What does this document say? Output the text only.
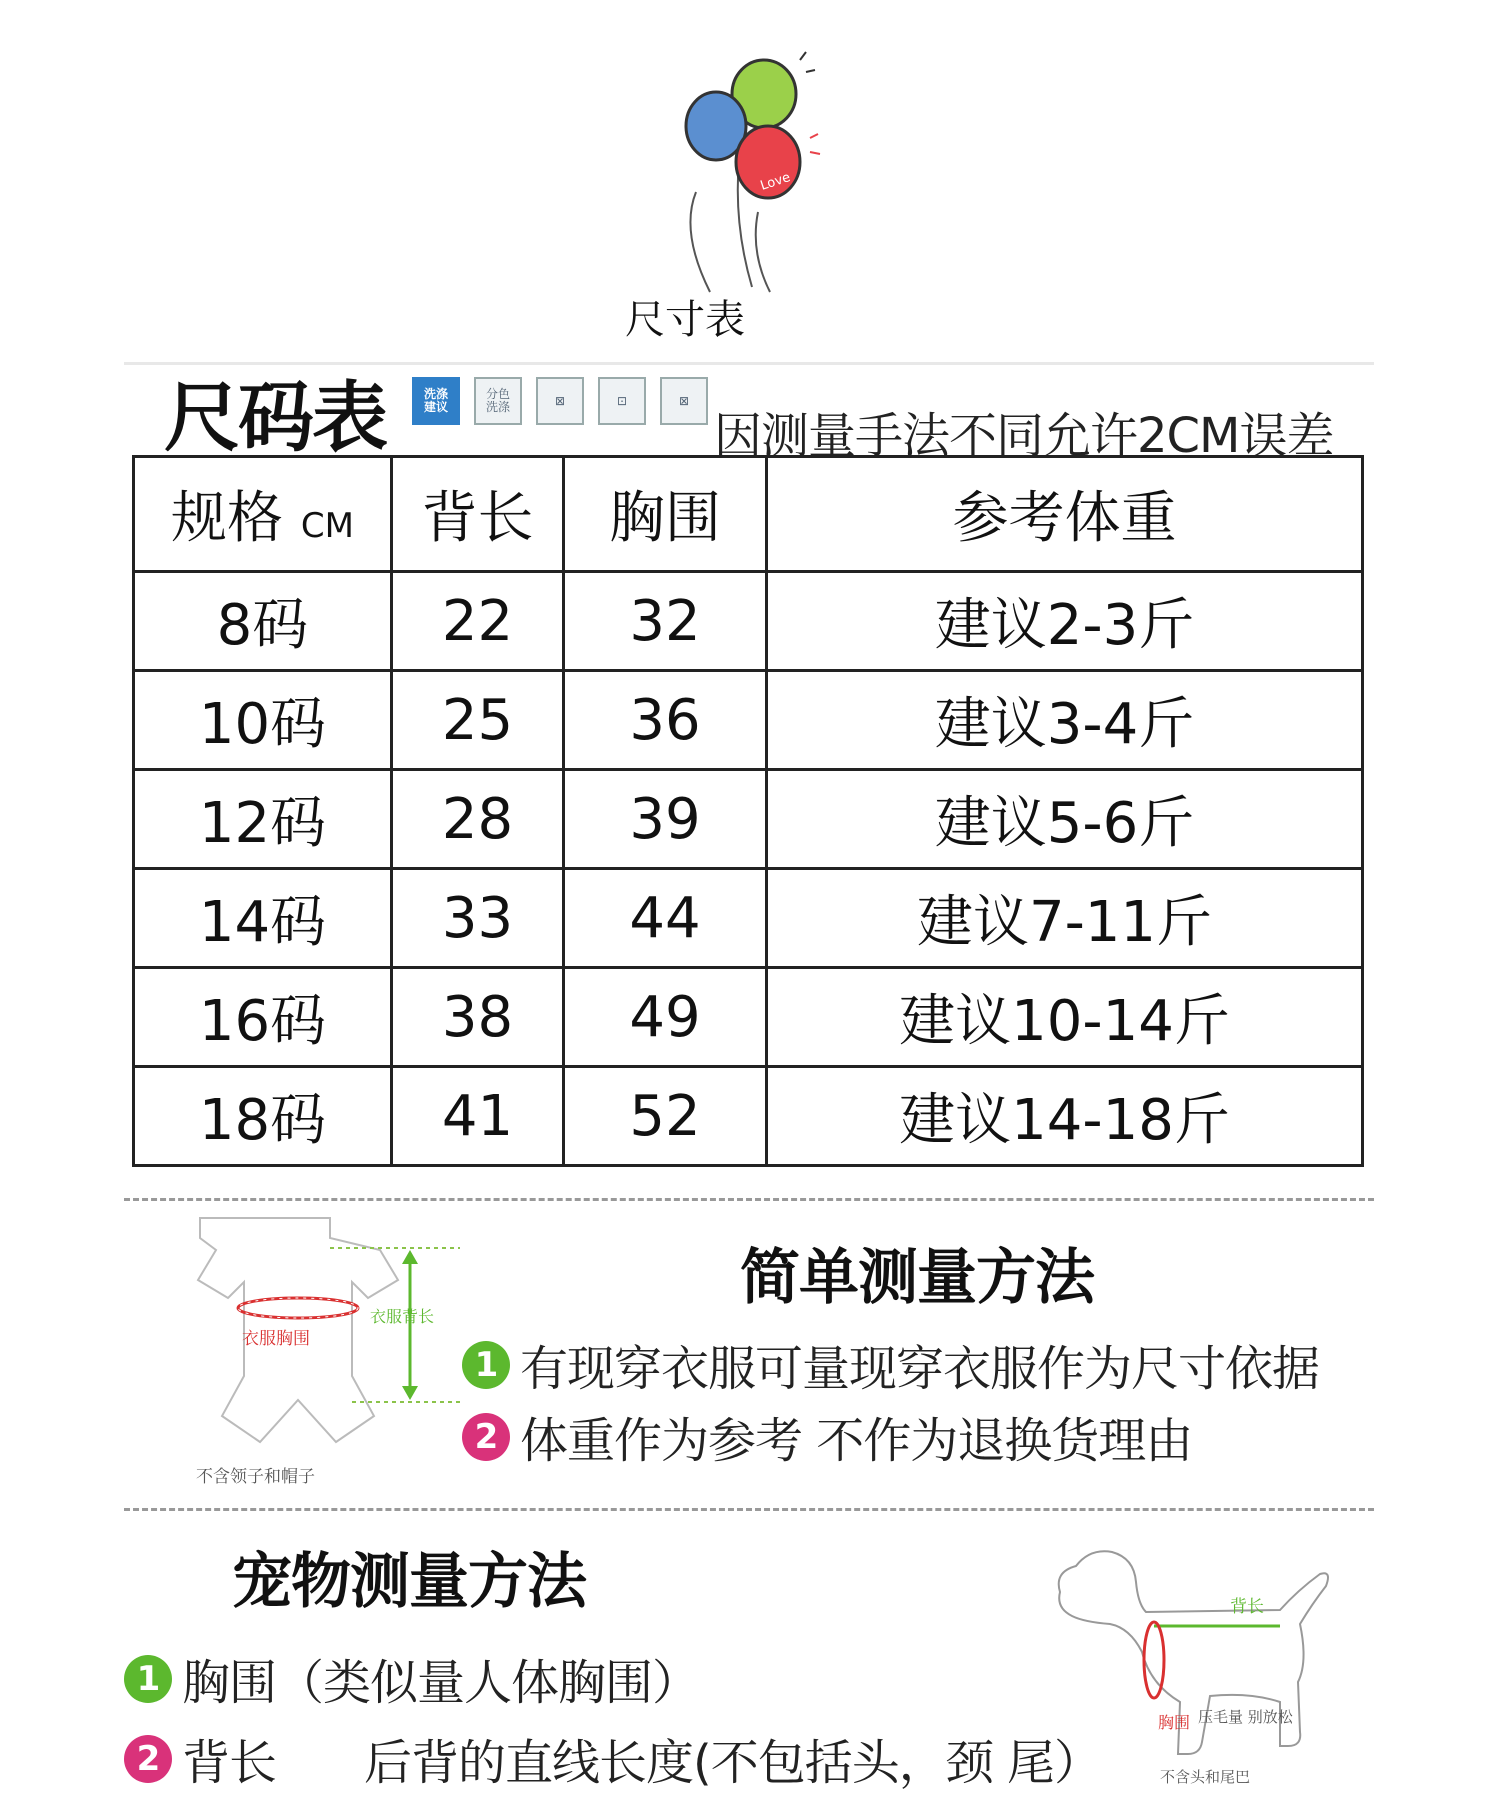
Love
尺寸表
尺码表	洗涤
建议
分色
洗涤	⊠	⊡	⊠
因测量手法不同允许2CM误差
规格 CM	背长	胸围	参考体重
8码	22	32	建议2-3斤
10码	25	36	建议3-4斤
12码	28	39	建议5-6斤
14码	33	44	建议7-11斤
16码	38	49	建议10-14斤
18码	41	52	建议14-18斤
衣服胸围
衣服背长
不含领子和帽子
简单测量方法
1 有现穿衣服可量现穿衣服作为尺寸依据
2 体重作为参考 不作为退换货理由
宠物测量方法
1 胸围 （类似量人体胸围）
2 背长 后背的直线长度(不包括头，颈 尾）
背长
胸围 压毛量 别放松
不含头和尾巴
